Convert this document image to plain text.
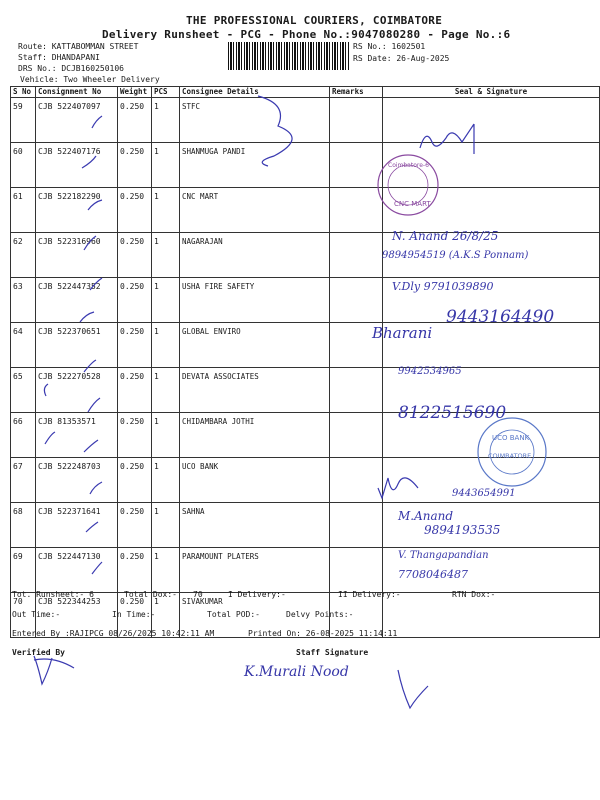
THE PROFESSIONAL COURIERS, COIMBATORE
Delivery Runsheet - PCG - Phone No.:9047080280 - Page No.:6
Route: KATTABOMMAN STREET
Staff: DHANDAPANI
DRS No.: DCJB160250106
Vehicle: Two Wheeler Delivery
RS No.: 1602501
RS Date: 26-Aug-2025
S No	Consignment No	Weight	PCS	Consignee Details	Remarks	Seal & Signature
59	CJB 522407097	0.250	1	STFC		
60	CJB 522407176	0.250	1	SHANMUGA PANDI		
61	CJB 522182290	0.250	1	CNC MART		
62	CJB 522316960	0.250	1	NAGARAJAN		
63	CJB 522447352	0.250	1	USHA FIRE SAFETY		
64	CJB 522370651	0.250	1	GLOBAL ENVIRO		
65	CJB 522270528	0.250	1	DEVATA ASSOCIATES		
66	CJB 81353571	0.250	1	CHIDAMBARA JOTHI		
67	CJB 522248703	0.250	1	UCO BANK		
68	CJB 522371641	0.250	1	SAHNA		
69	CJB 522447130	0.250	1	PARAMOUNT PLATERS		
70	CJB 522344253	0.250	1	SIVAKUMAR		
Tot. Runsheet:- 6	Total Dox:- 70	I Delivery:-	II Delivery:-	RTN Dox:-
Out Time:-	In Time:-	Total POD:-	Delvy Points:-
Entered By :RAJIPCG 08/26/2025 10:42:11 AM	Printed On: 26-08-2025 11:14:11
Verified By	Staff Signature
CNC MART
Coimbatore-6
UCO BANK
COIMBATORE
N. Anand 26/8/25
9894954519 (A.K.S Ponnam)
V.Dly 9791039890
9443164490
Bharani
9942534965
8122515690
9443654991
M.Anand
9894193535
V. Thangapandian
7708046487
K.Murali Nood
